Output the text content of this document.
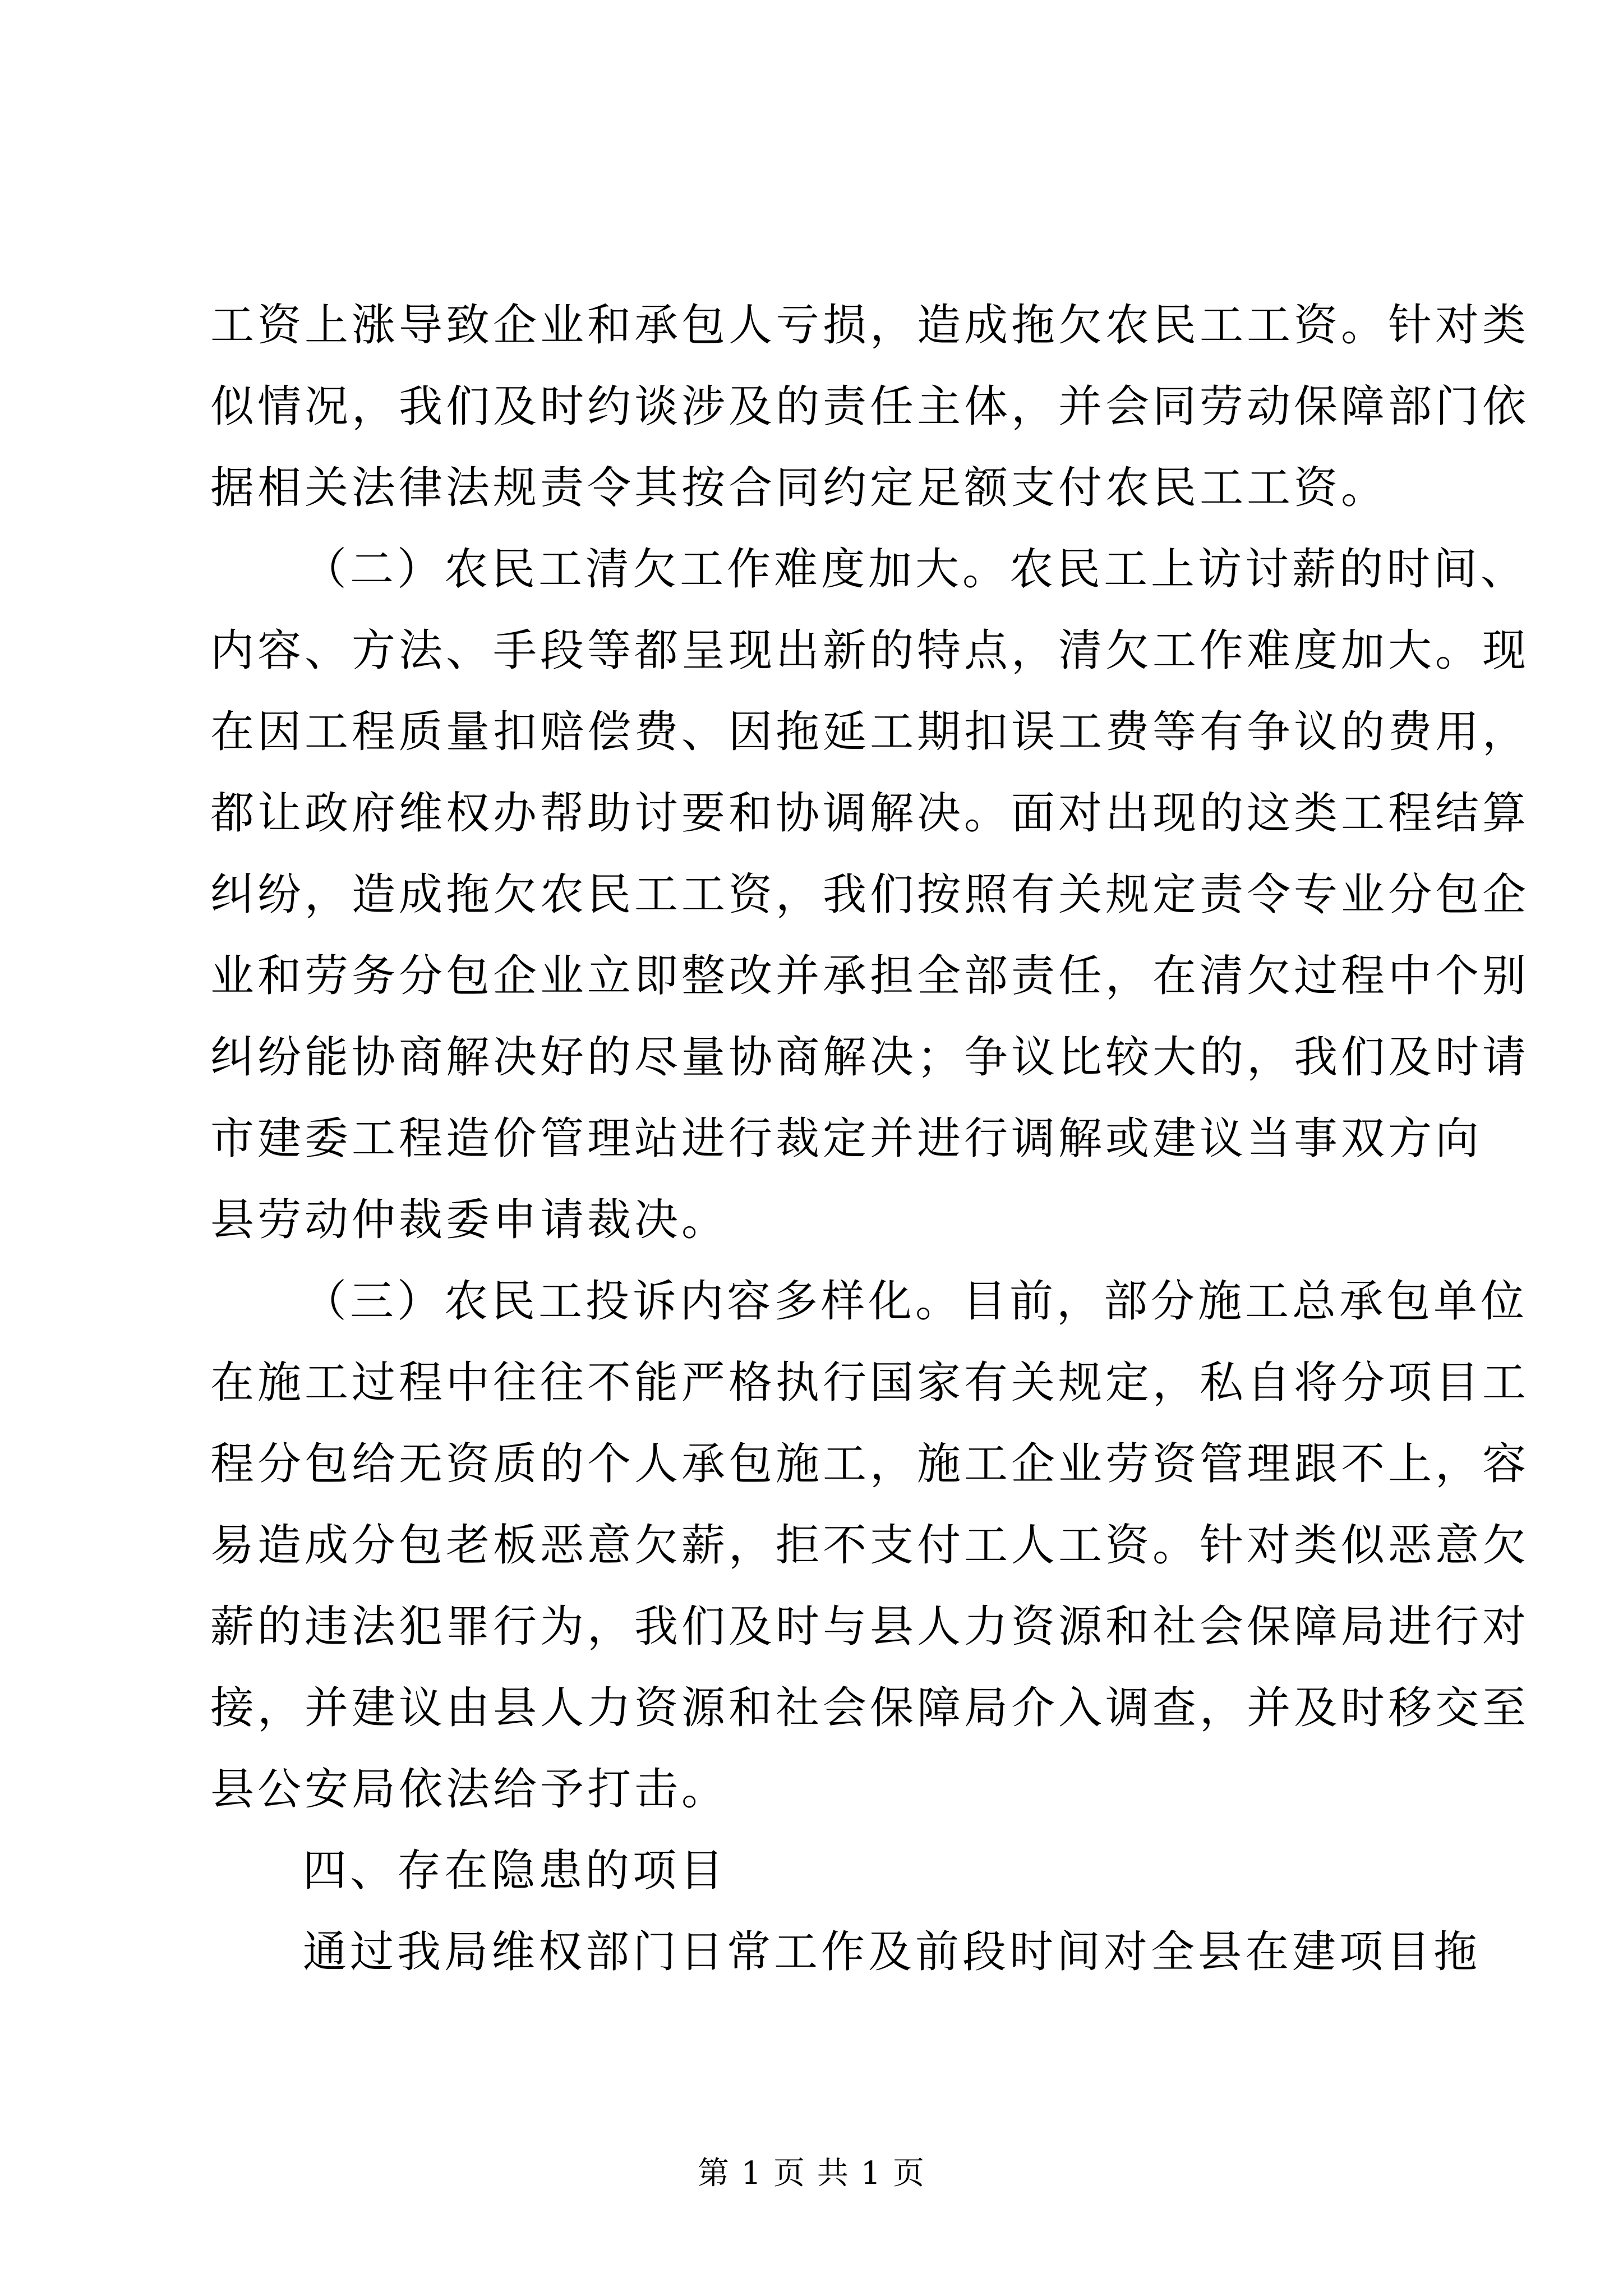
工资上涨导致企业和承包人亏损，造成拖欠农民工工资。针对类
似情况，我们及时约谈涉及的责任主体，并会同劳动保障部门依
据相关法律法规责令其按合同约定足额支付农民工工资。
（二）农民工清欠工作难度加大。农民工上访讨薪的时间、
内容、方法、手段等都呈现出新的特点，清欠工作难度加大。现
在因工程质量扣赔偿费、因拖延工期扣误工费等有争议的费用，
都让政府维权办帮助讨要和协调解决。面对出现的这类工程结算
纠纷，造成拖欠农民工工资，我们按照有关规定责令专业分包企
业和劳务分包企业立即整改并承担全部责任，在清欠过程中个别
纠纷能协商解决好的尽量协商解决；争议比较大的，我们及时请
市建委工程造价管理站进行裁定并进行调解或建议当事双方向
县劳动仲裁委申请裁决。
（三）农民工投诉内容多样化。目前，部分施工总承包单位
在施工过程中往往不能严格执行国家有关规定，私自将分项目工
程分包给无资质的个人承包施工，施工企业劳资管理跟不上，容
易造成分包老板恶意欠薪，拒不支付工人工资。针对类似恶意欠
薪的违法犯罪行为，我们及时与县人力资源和社会保障局进行对
接，并建议由县人力资源和社会保障局介入调查，并及时移交至
县公安局依法给予打击。
四、存在隐患的项目
通过我局维权部门日常工作及前段时间对全县在建项目拖
第 1 页 共 1 页
